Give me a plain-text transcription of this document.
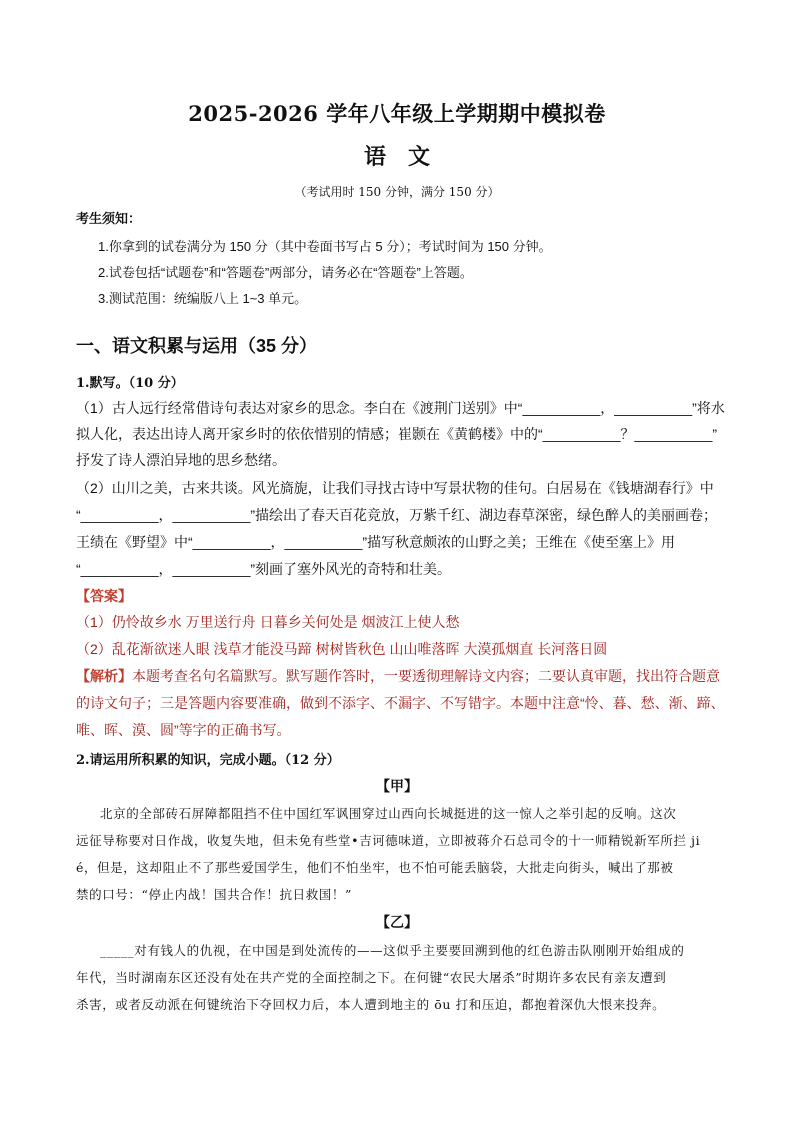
2025-2026 学年八年级上学期期中模拟卷
语文
（考试用时 150 分钟，满分 150 分）
考生须知：
1.你拿到的试卷满分为 150 分（其中卷面书写占 5 分）；考试时间为 150 分钟。
2.试卷包括“试题卷”和“答题卷”两部分，请务必在“答题卷”上答题。
3.测试范围：统编版八上 1~3 单元。
一、语文积累与运用（35 分）
1.默写。（10 分）
（1）古人远行经常借诗句表达对家乡的思念。李白在《渡荆门送别》中“__________，__________”将水
拟人化，表达出诗人离开家乡时的依依惜别的情感；崔颢在《黄鹤楼》中的“__________？__________”
抒发了诗人漂泊异地的思乡愁绪。
（2）山川之美，古来共谈。风光旖旎，让我们寻找古诗中写景状物的佳句。白居易在《钱塘湖春行》中
“__________，__________”描绘出了春天百花竞放，万紫千红、湖边春草深密，绿色醉人的美丽画卷；
王绩在《野望》中“__________，__________”描写秋意颇浓的山野之美；王维在《使至塞上》用
“__________，__________”刻画了塞外风光的奇特和壮美。
【答案】
（1）仍怜故乡水 万里送行舟 日暮乡关何处是 烟波江上使人愁
（2）乱花渐欲迷人眼 浅草才能没马蹄 树树皆秋色 山山唯落晖 大漠孤烟直 长河落日圆
【解析】本题考查名句名篇默写。默写题作答时，一要透彻理解诗文内容；二要认真审题，找出符合题意
的诗文句子；三是答题内容要准确，做到不添字、不漏字、不写错字。本题中注意“怜、暮、愁、渐、蹄、
唯、晖、漠、圆”等字的正确书写。
2.请运用所积累的知识，完成小题。（12 分）
【甲】
北京的全部砖石屏障都阻挡不住中国红军讽围穿过山西向长城挺进的这一惊人之举引起的反响。这次
远征导称要对日作战，收复失地，但未免有些堂•吉诃德味道，立即被蒋介石总司令的十一师精锐新军所拦 ji
é，但是，这却阻止不了那些爱国学生，他们不怕坐牢，也不怕可能丢脑袋，大批走向街头，喊出了那被
禁的口号：“停止内战！国共合作！抗日救国！”
【乙】
_____对有钱人的仇视，在中国是到处流传的——这似乎主要要回溯到他的红色游击队刚刚开始组成的
年代，当时湖南东区还没有处在共产党的全面控制之下。在何键“农民大屠杀”时期许多农民有亲友遭到
杀害，或者反动派在何键统治下夺回权力后，本人遭到地主的 ōu 打和压迫，都抱着深仇大恨来投奔。
